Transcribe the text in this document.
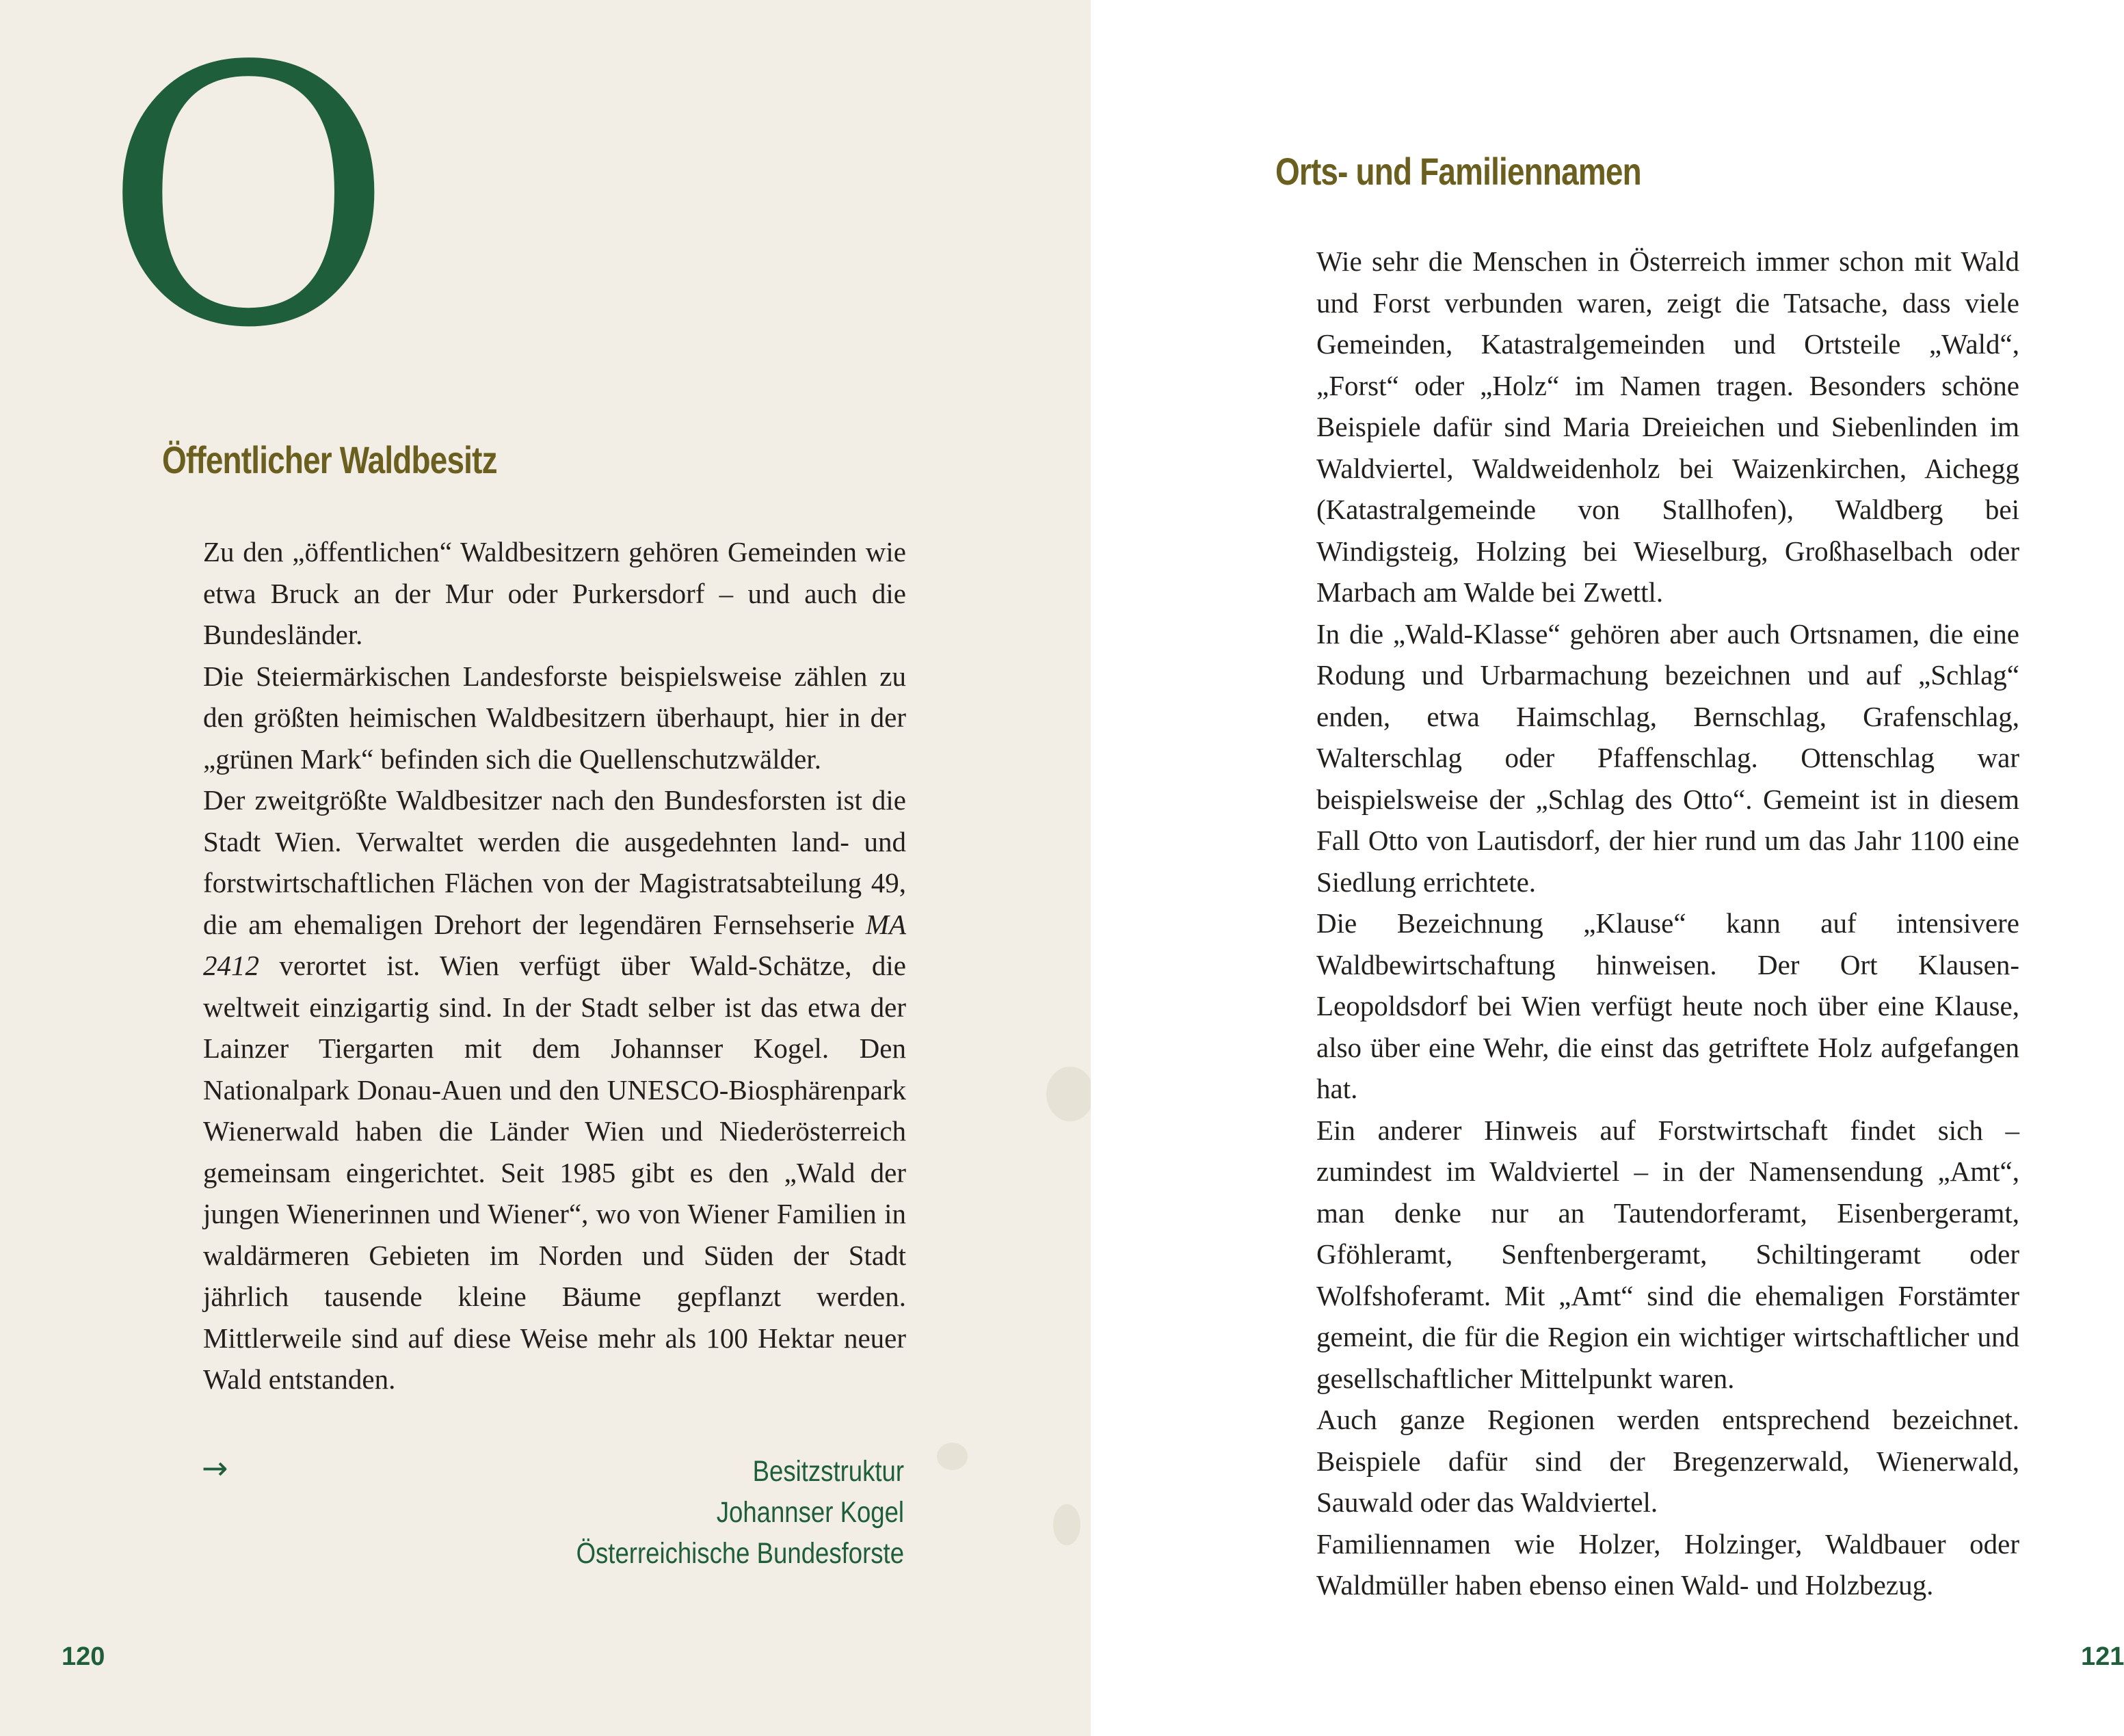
O
Öffentlicher Waldbesitz

Zu den „öffentlichen“ Waldbesitzern gehören Gemeinden wie etwa Bruck an der Mur oder Purkersdorf – und auch die Bundesländer.

Die Steiermärkischen Landesforste beispielsweise zählen zu den größten heimischen Waldbesitzern überhaupt, hier in der „grünen Mark“ befinden sich die Quellenschutzwälder.

Der zweitgrößte Waldbesitzer nach den Bundesforsten ist die Stadt Wien. Verwaltet werden die ausgedehnten land- und forstwirtschaftlichen Flächen von der Magistratsabteilung 49, die am ehemaligen Drehort der legendären Fernsehserie MA 2412 verortet ist. Wien verfügt über Wald-Schätze, die weltweit einzigartig sind. In der Stadt selber ist das etwa der Lainzer Tiergarten mit dem Johannser Kogel. Den Nationalpark Donau-Auen und den UNESCO-Biosphärenpark Wienerwald haben die Länder Wien und Niederösterreich gemeinsam eingerichtet. Seit 1985 gibt es den „Wald der jungen Wienerinnen und Wiener“, wo von Wiener Familien in waldärmeren Gebieten im Norden und Süden der Stadt jährlich tausende kleine Bäume gepflanzt werden. Mittlerweile sind auf diese Weise mehr als 100 Hektar neuer Wald entstanden.

→	Besitzstruktur
Johannser Kogel
Österreichische Bundesforste
120
Orts- und Familiennamen

Wie sehr die Menschen in Österreich immer schon mit Wald und Forst verbunden waren, zeigt die Tatsache, dass viele Gemeinden, Katastralgemeinden und Ortsteile „Wald“, „Forst“ oder „Holz“ im Namen tragen. Besonders schöne Beispiele dafür sind Maria Dreieichen und Siebenlinden im Waldviertel, Waldweidenholz bei Waizenkirchen, Aichegg (Katastralgemeinde von Stallhofen), Waldberg bei Windigsteig, Holzing bei Wieselburg, Großhaselbach oder Marbach am Walde bei Zwettl.

In die „Wald-Klasse“ gehören aber auch Ortsnamen, die eine Rodung und Urbarmachung bezeichnen und auf „Schlag“ enden, etwa Haimschlag, Bernschlag, Grafenschlag, Walterschlag oder Pfaffenschlag. Ottenschlag war beispielsweise der „Schlag des Otto“. Gemeint ist in diesem Fall Otto von Lautisdorf, der hier rund um das Jahr 1100 eine Siedlung errichtete.

Die Bezeichnung „Klause“ kann auf intensivere Waldbewirtschaftung hinweisen. Der Ort Klausen-Leopoldsdorf bei Wien verfügt heute noch über eine Klause, also über eine Wehr, die einst das getriftete Holz aufgefangen hat.

Ein anderer Hinweis auf Forstwirtschaft findet sich – zumindest im Waldviertel – in der Namensendung „Amt“, man denke nur an Tautendorferamt, Eisenbergeramt, Gföhleramt, Senftenbergeramt, Schiltingeramt oder Wolfshoferamt. Mit „Amt“ sind die ehemaligen Forstämter gemeint, die für die Region ein wichtiger wirtschaftlicher und gesellschaftlicher Mittelpunkt waren.

Auch ganze Regionen werden entsprechend bezeichnet. Beispiele dafür sind der Bregenzerwald, Wienerwald, Sauwald oder das Waldviertel.

Familiennamen wie Holzer, Holzinger, Waldbauer oder Waldmüller haben ebenso einen Wald- und Holzbezug.

121
